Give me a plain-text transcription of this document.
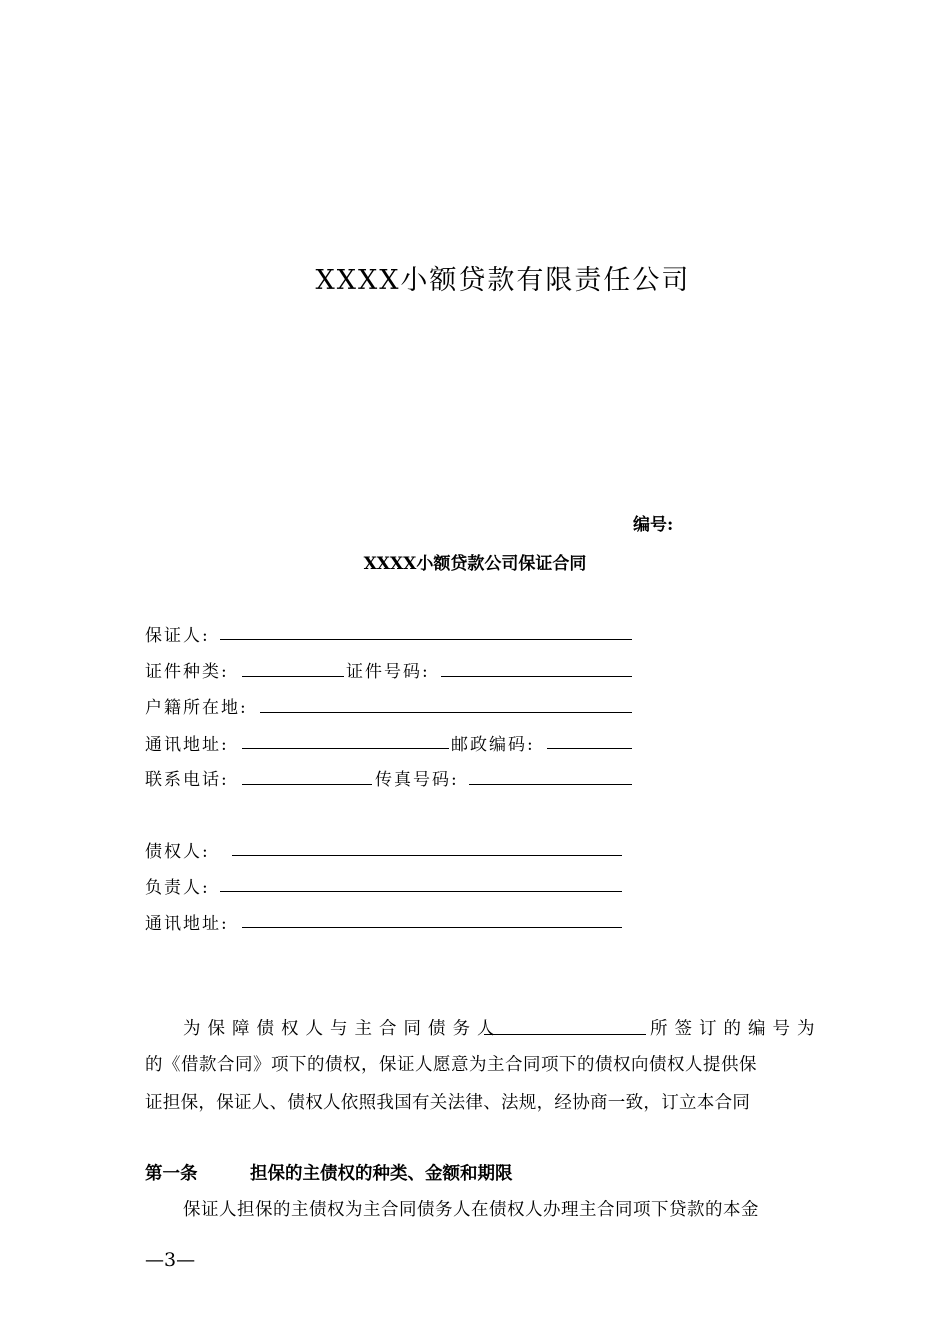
XXXX小额贷款有限责任公司
编号:
XXXX小额贷款公司保证合同
保证人:
证件种类:	证件号码:
户籍所在地:
通讯地址:	邮政编码:
联系电话:	传真号码:
债权人:
负责人:
通讯地址:
为保障债权人与主合同债务人	所签订的编号为
的《借款合同》项下的债权，保证人愿意为主合同项下的债权向债权人提供保
证担保，保证人、债权人依照我国有关法律、法规，经协商一致，订立本合同
第一条	担保的主债权的种类、金额和期限
保证人担保的主债权为主合同债务人在债权人办理主合同项下贷款的本金
—3—
